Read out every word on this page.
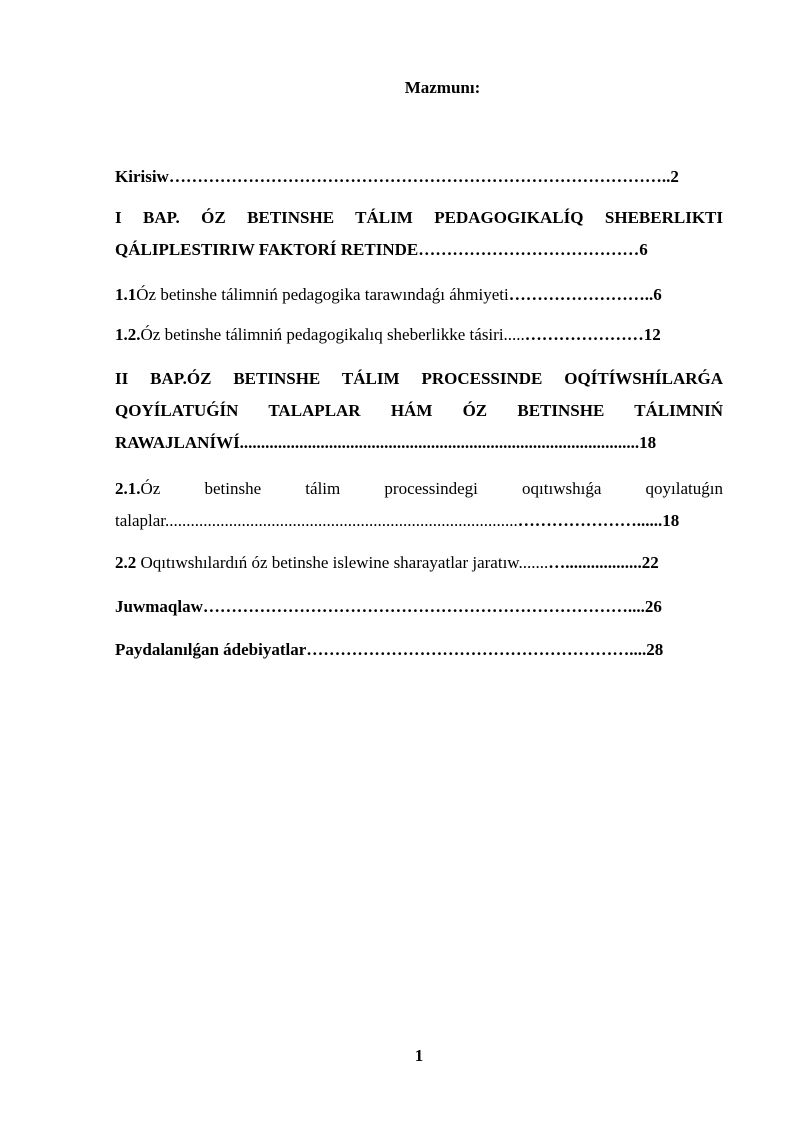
Mazmunı:
Kirisiw……………………………………………………………………………..2
I BAP. ÓZ BETINSHE TÁLIM PEDAGOGIKALÍQ SHEBERLIKTI
QÁLIPLESTIRIW FAKTORÍ RETINDE…………………………………6
1.1Óz betinshe tálimniń pedagogika tarawındaǵı áhmiyeti……………………..6
1.2.Óz betinshe tálimniń pedagogikalıq sheberlikke tásiri.....…………………12
II BAP.ÓZ BETINSHE TÁLIM PROCESSINDE OQÍTÍWSHÍLARǴA
QOYÍLATUǴÍN TALAPLAR HÁM ÓZ BETINSHE TÁLIMNIŃ
RAWAJLANÍWÍ..............................................................................................18
2.1.Óz betinshe tálim processindegi oqıtıwshıǵa qoyılatuǵın
talaplar...................................................................................…………………......18
2.2 Oqıtıwshılardıń óz betinshe islewine sharayatlar jaratıw.......…..................22
Juwmaqlaw…………………………………………………………………....26
Paydalanılǵan ádebiyatlar…………………………………………………....28
1
